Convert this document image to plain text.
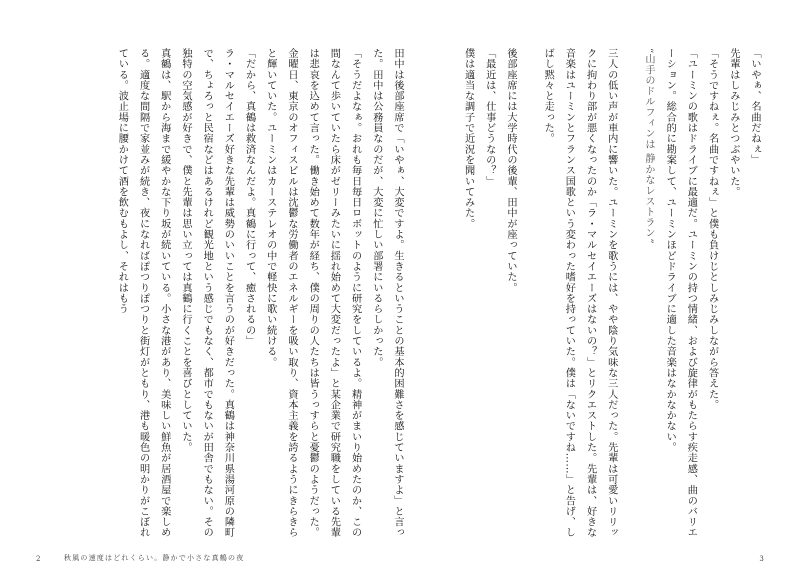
「いやぁ、名曲だねぇ」

先輩はしみじみとつぶやいた。

「そうですねぇ。名曲ですねぇ」と僕も負けじとしみじみしながら答えた。

「ユーミンの歌はドライブに最適だ。ユーミンの持つ情緒、および旋律がもたらす疾走感、曲のバリエーション。総合的に勘案して、ユーミンほどドライブに適した音楽はなかなかない。

“山手のドルフィンは 静かなレストラン”

三人の低い声が車内に響いた。ユーミンを歌うには、やや陰り気味な三人だった。先輩は可愛いリリックに拘わり部が悪くなったのか「ラ・マルセイエーズはないの？」とリクエストした。先輩は、好きな音楽はユーミンとフランス国歌という変わった嗜好を持っていた。僕は「ないですね……」と告げ、しばし黙々と走った。

後部座席には大学時代の後輩、田中が座っていた。

「最近は、仕事どうなの？」

僕は適当な調子で近況を聞いてみた。

田中は後部座席で「いやぁ、大変ですよ。生きるということの基本的困難さを感じていますよ」と言った。田中は公務員なのだが、大変に忙しい部署にいるらしかった。

「そうだよなぁ。おれも毎日毎日ロボットのように研究をしているよ。精神がまいり始めたのか、この間なんて歩いていたら床がゼリーみたいに揺れ始めて大変だったよ」と某企業で研究職をしている先輩は悲哀を込めて言った。働き始めて数年が経ち、僕の周りの人たちは皆うっすらと憂鬱のようだった。

金曜日、東京のオフィスビルは沈鬱な労働者のエネルギーを吸い取り、資本主義を誇るようにきらきらと輝いていた。ユーミンはカーステレオの中で軽快に歌い続ける。

「だから、真鶴は救済なんだよ。真鶴に行って、癒されるの」

ラ・マルセイエーズ好きな先輩は威勢のいいことを言うのが好きだった。真鶴は神奈川県湯河原の隣町で、ちょろっと民宿などはあるけれど観光地という感じでもなく、都市でもないが田舎でもない。その独特の空気感が好きで、僕と先輩は思い立っては真鶴に行くことを喜びとしていた。

真鶴は、駅から海まで緩やかな下り坂が続いている。小さな港があり、美味しい鮮魚が居酒屋で楽しめる。適度な間隔で家並みが続き、夜になればぽつりぽつりと街灯がともり、港も暖色の明かりがこぼれている。波止場に腰かけて酒を飲むもよし、それはもう

2	秋風の速度はどれくらい。静かで小さな真鶴の夜	3
